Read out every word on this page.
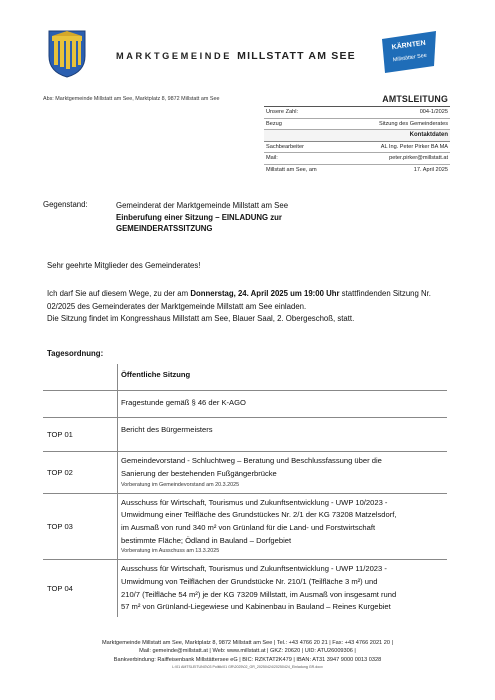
MARKTGEMEINDE MILLSTATT AM SEE
KÄRNTEN
Millstätter See
Abs: Marktgemeinde Millstatt am See, Marktplatz 8, 9872 Millstatt am See	AMTSLEITUNG
Unsere Zahl:	004-1/2025
Bezug	Sitzung des Gemeinderates
Kontaktdaten
Sachbearbeiter	AL Ing. Peter Pirker BA MA
Mail:	peter.pirker@millstatt.at
Millstatt am See, am	17. April 2025
Gegenstand:	Gemeinderat der Marktgemeinde Millstatt am See
Einberufung einer Sitzung – EINLADUNG zur
GEMEINDERATSSITZUNG
Sehr geehrte Mitglieder des Gemeinderates!
Ich darf Sie auf diesem Wege, zu der am Donnerstag, 24. April 2025 um 19:00 Uhr stattfindenden Sitzung Nr. 02/2025 des Gemeinderates der Marktgemeinde Millstatt am See einladen.
Die Sitzung findet im Kongresshaus Millstatt am See, Blauer Saal, 2. Obergeschoß, statt.
Tagesordnung:
	Öffentliche Sitzung

	Fragestunde gemäß § 46 der K-AGO

TOP 01	Bericht des Bürgermeisters

TOP 02	Gemeindevorstand - Schluchtweg – Beratung und Beschlussfassung über die
Sanierung der bestehenden Fußgängerbrücke
Vorberatung im Gemeindevorstand am 20.3.2025

TOP 03	Ausschuss für Wirtschaft, Tourismus und Zukunftsentwicklung - UWP 10/2023 -
Umwidmung einer Teilfläche des Grundstückes Nr. 2/1 der KG 73208 Matzelsdorf,
im Ausmaß von rund 340 m² von Grünland für die Land- und Forstwirtschaft
bestimmte Fläche; Ödland in Bauland – Dorfgebiet
Vorberatung im Ausschuss am 13.3.2025

TOP 04	Ausschuss für Wirtschaft, Tourismus und Zukunftsentwicklung - UWP 11/2023 -
Umwidmung von Teilflächen der Grundstücke Nr. 210/1 (Teilfläche 3 m²) und
210/7 (Teilfläche 54 m²) je der KG 73209 Millstatt, im Ausmaß von insgesamt rund
57 m² von Grünland-Liegewiese und Kabinenbau in Bauland – Reines Kurgebiet
Marktgemeinde Millstatt am See, Marktplatz 8, 9872 Millstatt am See | Tel.: +43 4766 20 21 | Fax: +43 4766 2021 20 |
Mail: gemeinde@millstatt.at | Web: www.millstatt.at | GKZ: 20620 | UID: ATU26009306 |
Bankverbindung: Raiffeisenbank Millstättersee eG | BIC: RZKTAT2K479 | IBAN: AT31 3947 9000 0013 0328
L:\01 AMTSLEITUNG\03 Politik\01 GR\2025\02_GR_20250424\20250424_Einladung GR.docx
